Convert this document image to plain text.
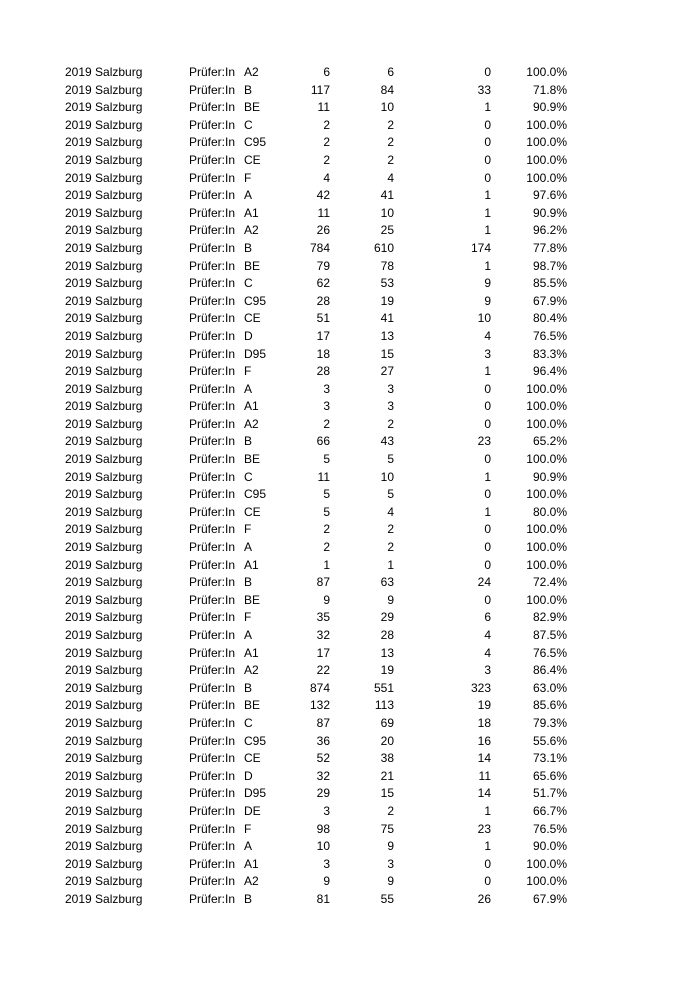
2019 Salzburg	Prüfer:In A2	6	6	0	100.0%
2019 Salzburg	Prüfer:In B	117	84	33	71.8%
2019 Salzburg	Prüfer:In BE	11	10	1	90.9%
2019 Salzburg	Prüfer:In C	2	2	0	100.0%
2019 Salzburg	Prüfer:In C95	2	2	0	100.0%
2019 Salzburg	Prüfer:In CE	2	2	0	100.0%
2019 Salzburg	Prüfer:In F	4	4	0	100.0%
2019 Salzburg	Prüfer:In A	42	41	1	97.6%
2019 Salzburg	Prüfer:In A1	11	10	1	90.9%
2019 Salzburg	Prüfer:In A2	26	25	1	96.2%
2019 Salzburg	Prüfer:In B	784	610	174	77.8%
2019 Salzburg	Prüfer:In BE	79	78	1	98.7%
2019 Salzburg	Prüfer:In C	62	53	9	85.5%
2019 Salzburg	Prüfer:In C95	28	19	9	67.9%
2019 Salzburg	Prüfer:In CE	51	41	10	80.4%
2019 Salzburg	Prüfer:In D	17	13	4	76.5%
2019 Salzburg	Prüfer:In D95	18	15	3	83.3%
2019 Salzburg	Prüfer:In F	28	27	1	96.4%
2019 Salzburg	Prüfer:In A	3	3	0	100.0%
2019 Salzburg	Prüfer:In A1	3	3	0	100.0%
2019 Salzburg	Prüfer:In A2	2	2	0	100.0%
2019 Salzburg	Prüfer:In B	66	43	23	65.2%
2019 Salzburg	Prüfer:In BE	5	5	0	100.0%
2019 Salzburg	Prüfer:In C	11	10	1	90.9%
2019 Salzburg	Prüfer:In C95	5	5	0	100.0%
2019 Salzburg	Prüfer:In CE	5	4	1	80.0%
2019 Salzburg	Prüfer:In F	2	2	0	100.0%
2019 Salzburg	Prüfer:In A	2	2	0	100.0%
2019 Salzburg	Prüfer:In A1	1	1	0	100.0%
2019 Salzburg	Prüfer:In B	87	63	24	72.4%
2019 Salzburg	Prüfer:In BE	9	9	0	100.0%
2019 Salzburg	Prüfer:In F	35	29	6	82.9%
2019 Salzburg	Prüfer:In A	32	28	4	87.5%
2019 Salzburg	Prüfer:In A1	17	13	4	76.5%
2019 Salzburg	Prüfer:In A2	22	19	3	86.4%
2019 Salzburg	Prüfer:In B	874	551	323	63.0%
2019 Salzburg	Prüfer:In BE	132	113	19	85.6%
2019 Salzburg	Prüfer:In C	87	69	18	79.3%
2019 Salzburg	Prüfer:In C95	36	20	16	55.6%
2019 Salzburg	Prüfer:In CE	52	38	14	73.1%
2019 Salzburg	Prüfer:In D	32	21	11	65.6%
2019 Salzburg	Prüfer:In D95	29	15	14	51.7%
2019 Salzburg	Prüfer:In DE	3	2	1	66.7%
2019 Salzburg	Prüfer:In F	98	75	23	76.5%
2019 Salzburg	Prüfer:In A	10	9	1	90.0%
2019 Salzburg	Prüfer:In A1	3	3	0	100.0%
2019 Salzburg	Prüfer:In A2	9	9	0	100.0%
2019 Salzburg	Prüfer:In B	81	55	26	67.9%
